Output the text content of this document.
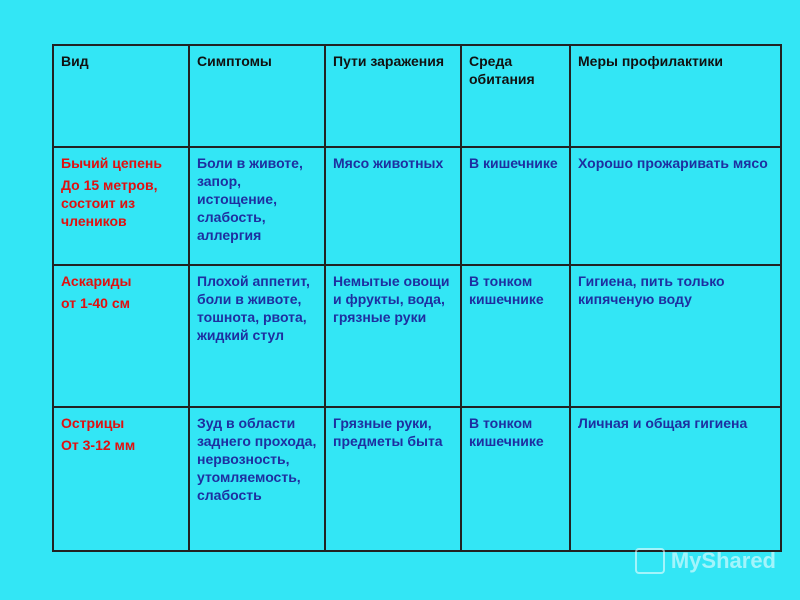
Вид	Симптомы	Пути заражения	Среда обитания	Меры профилактики

Бычий цепень
До 15 метров, состоит из члеников	Боли в животе, запор, истощение, слабость, аллергия	Мясо животных	В кишечнике	Хорошо прожаривать мясо

Аскариды
от 1-40 см	Плохой аппетит, боли в животе, тошнота, рвота, жидкий стул	Немытые овощи и фрукты, вода, грязные руки	В тонком кишечнике	Гигиена, пить только кипяченую воду

Острицы
От 3-12 мм	Зуд в области заднего прохода, нервозность, утомляемость, слабость	Грязные руки, предметы быта	В тонком кишечнике	Личная и общая гигиена
MyShared
